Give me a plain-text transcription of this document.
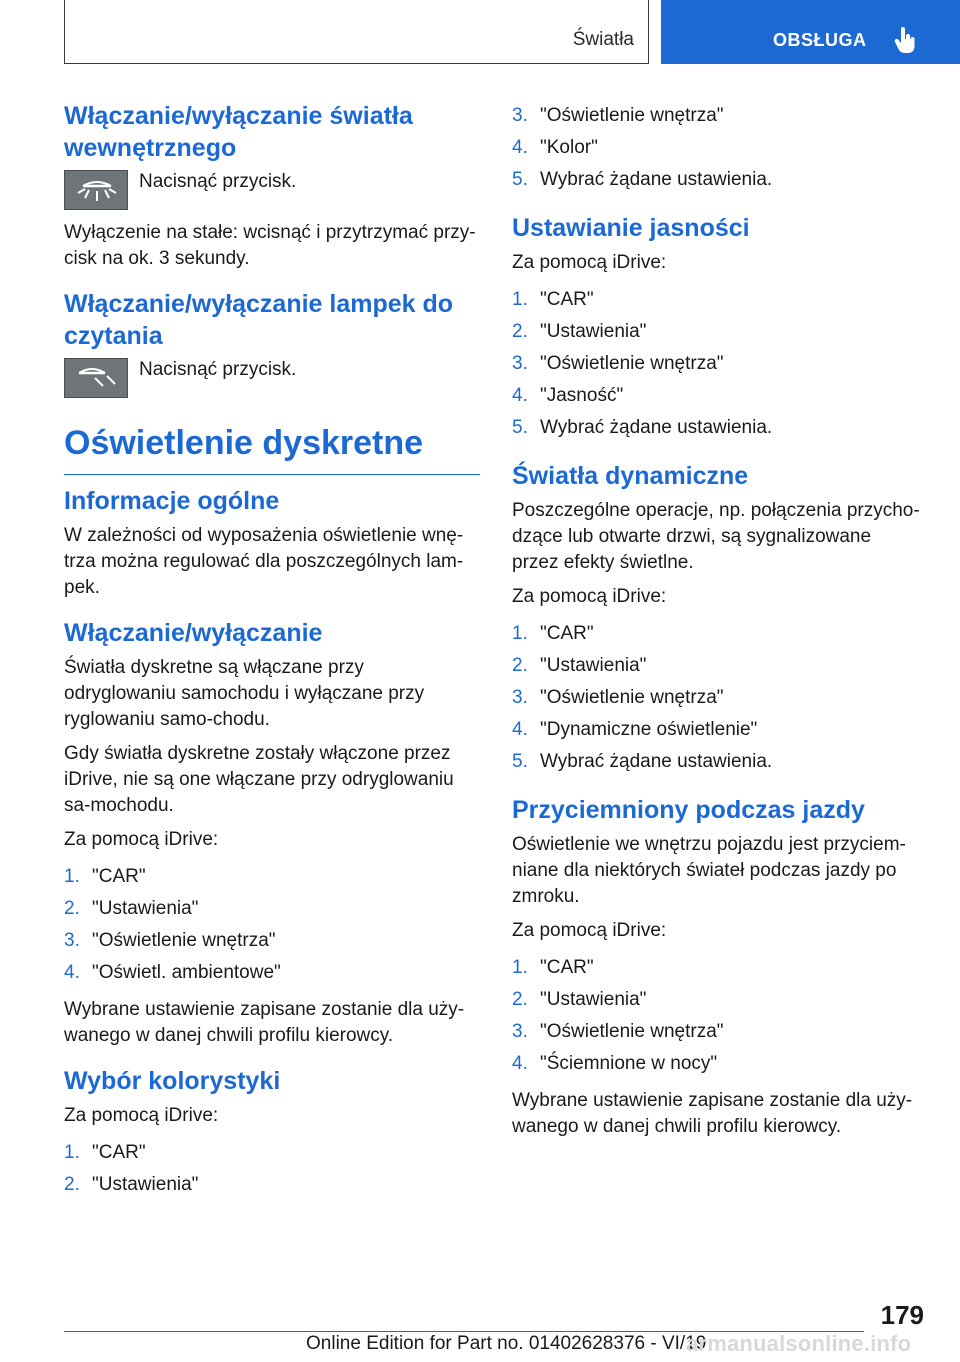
Światła	OBSŁUGA
Włączanie/wyłączanie światła wewnętrznego
Nacisnąć przycisk.

Wyłączenie na stałe: wcisnąć i przytrzymać przy-cisk na ok. 3 sekundy.

Włączanie/wyłączanie lampek do czytania
Nacisnąć przycisk.
Oświetlenie dyskretne
Informacje ogólne

W zależności od wyposażenia oświetlenie wnę-trza można regulować dla poszczególnych lam-pek.

Włączanie/wyłączanie

Światła dyskretne są włączane przy odryglowaniu samochodu i wyłączane przy ryglowaniu samo-chodu.

Gdy światła dyskretne zostały włączone przez iDrive, nie są one włączane przy odryglowaniu sa-mochodu.

Za pomocą iDrive:

1. "CAR"
2. "Ustawienia"
3. "Oświetlenie wnętrza"
4. "Oświetl. ambientowe"

Wybrane ustawienie zapisane zostanie dla uży-wanego w danej chwili profilu kierowcy.

Wybór kolorystyki

Za pomocą iDrive:

1. "CAR"
2. "Ustawienia"
3. "Oświetlenie wnętrza"
4. "Kolor"
5. Wybrać żądane ustawienia.
Ustawianie jasności

Za pomocą iDrive:

1. "CAR"
2. "Ustawienia"
3. "Oświetlenie wnętrza"
4. "Jasność"
5. Wybrać żądane ustawienia.
Światła dynamiczne

Poszczególne operacje, np. połączenia przycho-dzące lub otwarte drzwi, są sygnalizowane przez efekty świetlne.

Za pomocą iDrive:

1. "CAR"
2. "Ustawienia"
3. "Oświetlenie wnętrza"
4. "Dynamiczne oświetlenie"
5. Wybrać żądane ustawienia.
Przyciemniony podczas jazdy

Oświetlenie we wnętrzu pojazdu jest przyciem-niane dla niektórych świateł podczas jazdy po zmroku.

Za pomocą iDrive:

1. "CAR"
2. "Ustawienia"
3. "Oświetlenie wnętrza"
4. "Ściemnione w nocy"

Wybrane ustawienie zapisane zostanie dla uży-wanego w danej chwili profilu kierowcy.

179
Online Edition for Part no. 01402628376 - VI/19
armanualsonline.info
